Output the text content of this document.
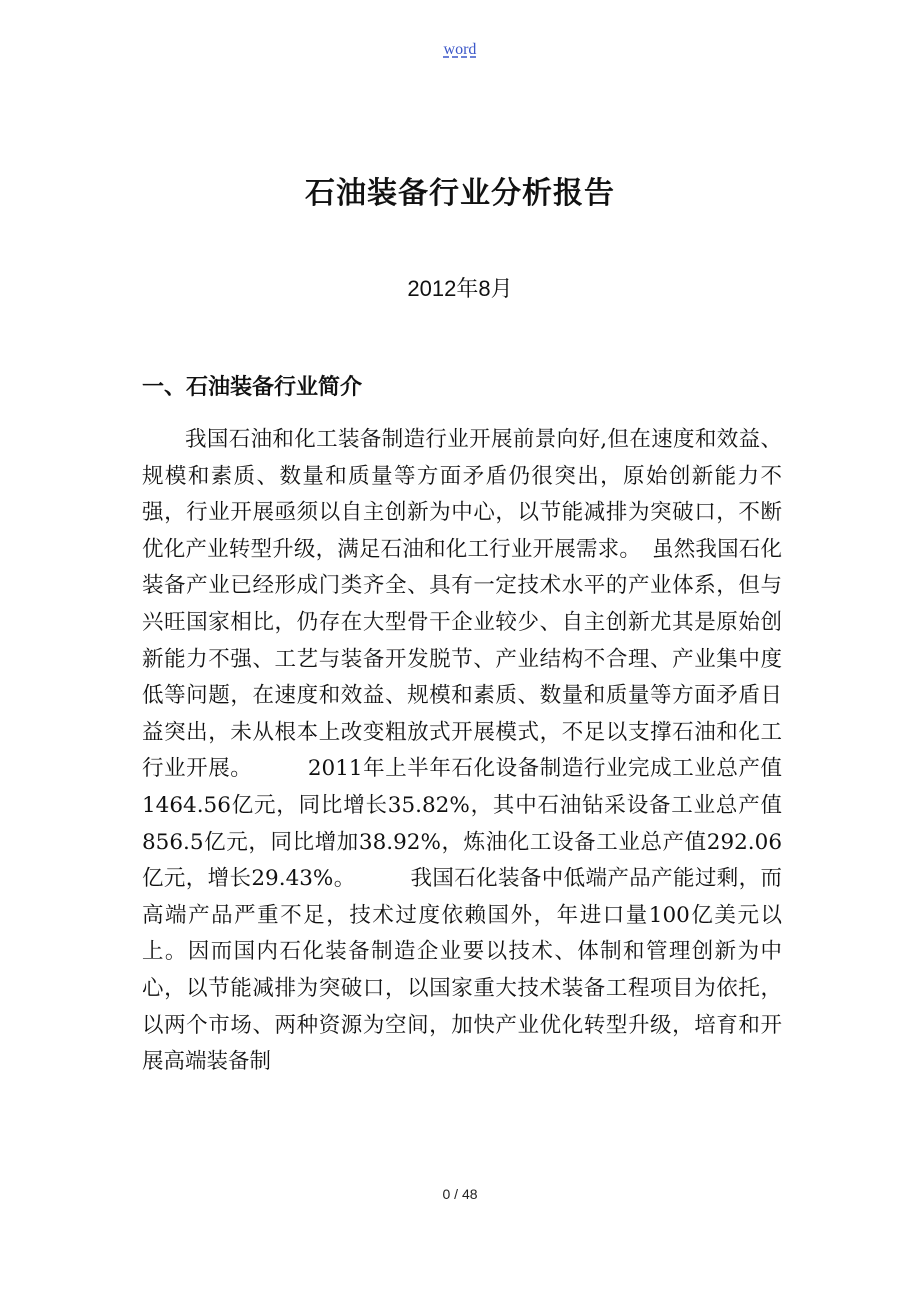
word
石油装备行业分析报告
2012年8月
一、石油装备行业简介

我国石油和化工装备制造行业开展前景向好,但在速度和效益、规模和素质、数量和质量等方面矛盾仍很突出，原始创新能力不强，行业开展亟须以自主创新为中心，以节能减排为突破口，不断优化产业转型升级，满足石油和化工行业开展需求。　虽然我国石化装备产业已经形成门类齐全、具有一定技术水平的产业体系，但与兴旺国家相比，仍存在大型骨干企业较少、自主创新尤其是原始创新能力不强、工艺与装备开发脱节、产业结构不合理、产业集中度低等问题，在速度和效益、规模和素质、数量和质量等方面矛盾日益突出，未从根本上改变粗放式开展模式，不足以支撑石油和化工行业开展。　　　2011年上半年石化设备制造行业完成工业总产值1464.56亿元，同比增长35.82%，其中石油钻采设备工业总产值856.5亿元，同比增加38.92%，炼油化工设备工业总产值292.06亿元，增长29.43%。　　　我国石化装备中低端产品产能过剩，而高端产品严重不足，技术过度依赖国外，年进口量100亿美元以上。因而国内石化装备制造企业要以技术、体制和管理创新为中心，以节能减排为突破口，以国家重大技术装备工程项目为依托，以两个市场、两种资源为空间，加快产业优化转型升级，培育和开展高端装备制

0 / 48
